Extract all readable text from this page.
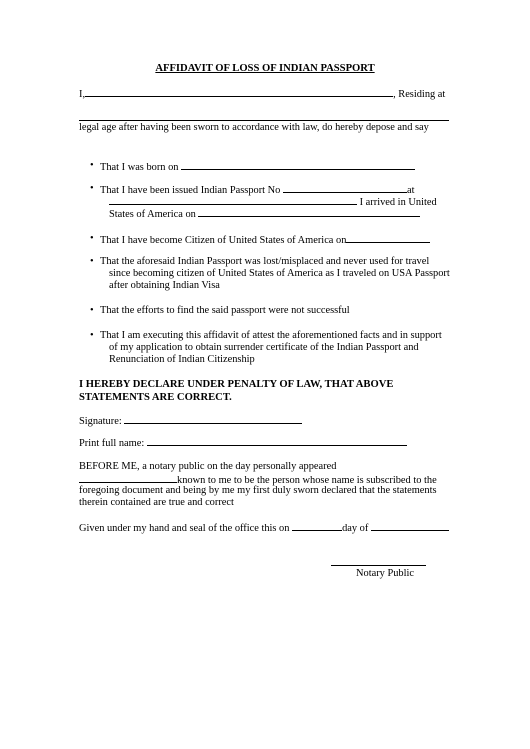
AFFIDAVIT OF LOSS OF INDIAN PASSPORT
I,	, Residing at
legal age after having been sworn to accordance with law, do hereby depose and say
• That I was born on
• That I have been issued Indian Passport No	at
I arrived in United
States of America on
• That I have become Citizen of United States of America on
• That the aforesaid Indian Passport was lost/misplaced and never used for travel
since becoming citizen of United States of America as I traveled on USA Passport
after obtaining Indian Visa
• That the efforts to find the said passport were not successful
• That I am executing this affidavit of attest the aforementioned facts and in support
of my application to obtain surrender certificate of the Indian Passport and
Renunciation of Indian Citizenship
I HEREBY DECLARE UNDER PENALTY OF LAW, THAT ABOVE
STATEMENTS ARE CORRECT.
Signature:
Print full name:
BEFORE ME, a notary public on the day personally appeared
known to me to be the person whose name is subscribed to the
foregoing document and being by me my first duly sworn declared that the statements
therein contained are true and correct
Given under my hand and seal of the office this on	day of
Notary Public
